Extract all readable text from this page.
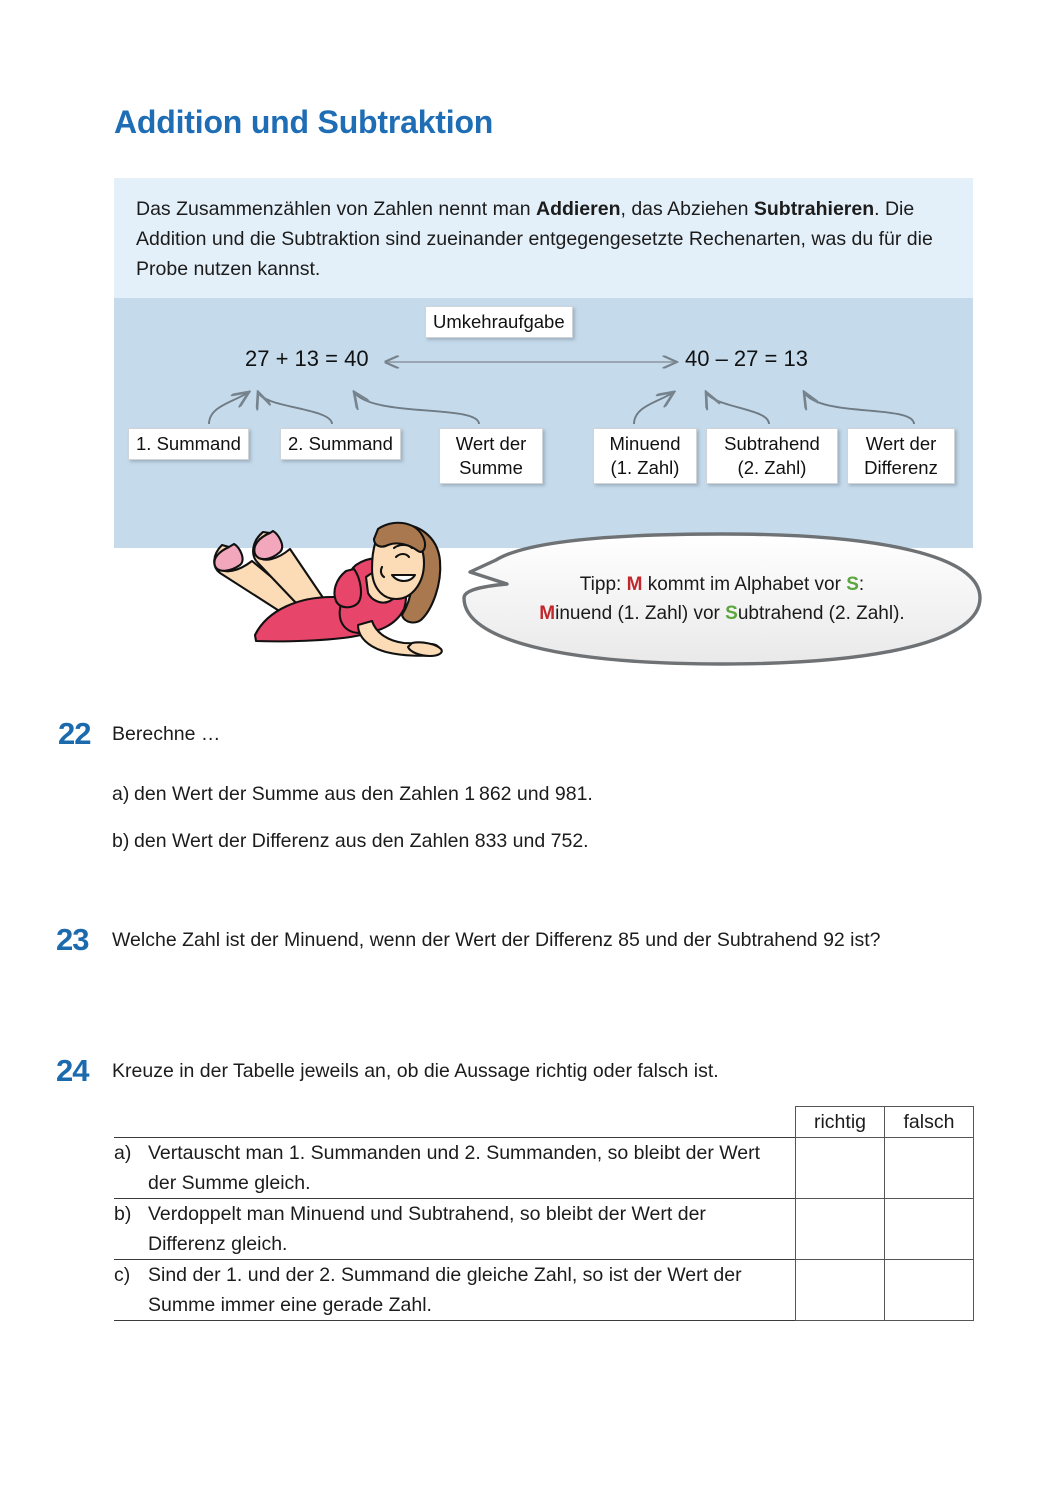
Addition und Subtraktion
Das Zusammenzählen von Zahlen nennt man Addieren, das Abziehen Subtrahieren. Die Addition und die Subtraktion sind zueinander entgegengesetzte Rechenarten, was du für die Probe nutzen kannst.
Umkehraufgabe
27 + 13 = 40	40 – 27 = 13
1. Summand	2. Summand	Wert der Summe
Minuend (1. Zahl)
Subtrahend (2. Zahl)
Wert der Differenz
Tipp: M kommt im Alphabet vor S:
Minuend (1. Zahl) vor Subtrahend (2. Zahl).
22 Berechne …
a) den Wert der Summe aus den Zahlen 1 862 und 981.
b) den Wert der Differenz aus den Zahlen 833 und 752.
23 Welche Zahl ist der Minuend, wenn der Wert der Differenz 85 und der Subtrahend 92 ist?
24 Kreuze in der Tabelle jeweils an, ob die Aussage richtig oder falsch ist.
	richtig	falsch
a) Vertauscht man 1. Summanden und 2. Summanden, so bleibt der Wert der Summe gleich.		
b) Verdoppelt man Minuend und Subtrahend, so bleibt der Wert der Differenz gleich.		
c) Sind der 1. und der 2. Summand die gleiche Zahl, so ist der Wert der Summe immer eine gerade Zahl.		
